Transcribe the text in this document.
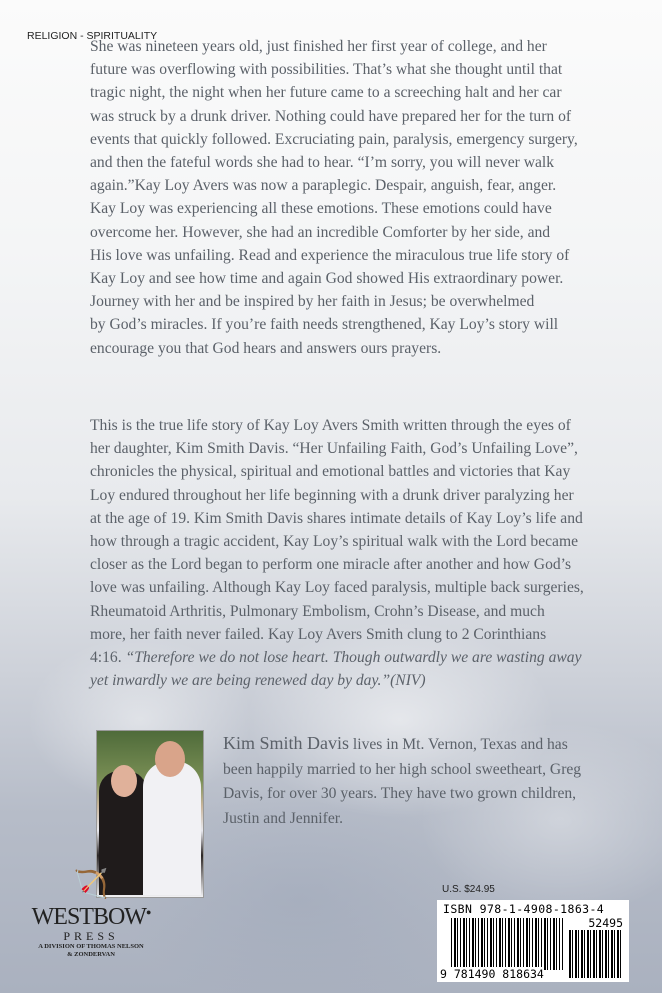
RELIGION - SPIRITUALITY
She was nineteen years old, just finished her first year of college, and her
future was overflowing with possibilities. That’s what she thought until that
tragic night, the night when her future came to a screeching halt and her car
was struck by a drunk driver. Nothing could have prepared her for the turn of
events that quickly followed. Excruciating pain, paralysis, emergency surgery,
and then the fateful words she had to hear. “I’m sorry, you will never walk
again.”Kay Loy Avers was now a paraplegic. Despair, anguish, fear, anger.
Kay Loy was experiencing all these emotions. These emotions could have
overcome her. However, she had an incredible Comforter by her side, and
His love was unfailing. Read and experience the miraculous true life story of
Kay Loy and see how time and again God showed His extraordinary power.
Journey with her and be inspired by her faith in Jesus; be overwhelmed
by God’s miracles. If you’re faith needs strengthened, Kay Loy’s story will
encourage you that God hears and answers ours prayers.
This is the true life story of Kay Loy Avers Smith written through the eyes of
her daughter, Kim Smith Davis. “Her Unfailing Faith, God’s Unfailing Love”,
chronicles the physical, spiritual and emotional battles and victories that Kay
Loy endured throughout her life beginning with a drunk driver paralyzing her
at the age of 19. Kim Smith Davis shares intimate details of Kay Loy’s life and
how through a tragic accident, Kay Loy’s spiritual walk with the Lord became
closer as the Lord began to perform one miracle after another and how God’s
love was unfailing. Although Kay Loy faced paralysis, multiple back surgeries,
Rheumatoid Arthritis, Pulmonary Embolism, Crohn’s Disease, and much
more, her faith never failed. Kay Loy Avers Smith clung to 2 Corinthians
4:16. “Therefore we do not lose heart. Though outwardly we are wasting away
yet inwardly we are being renewed day by day.”(NIV)
Kim Smith Davis lives in Mt. Vernon, Texas and has
been happily married to her high school sweetheart, Greg
Davis, for over 30 years. They have two grown children,
Justin and Jennifer.
🏹
WESTBOW●
PRESS
A DIVISION OF THOMAS NELSON
& ZONDERVAN
U.S. $24.95
ISBN 978-1-4908-1863-4
52495
9 781490 818634
